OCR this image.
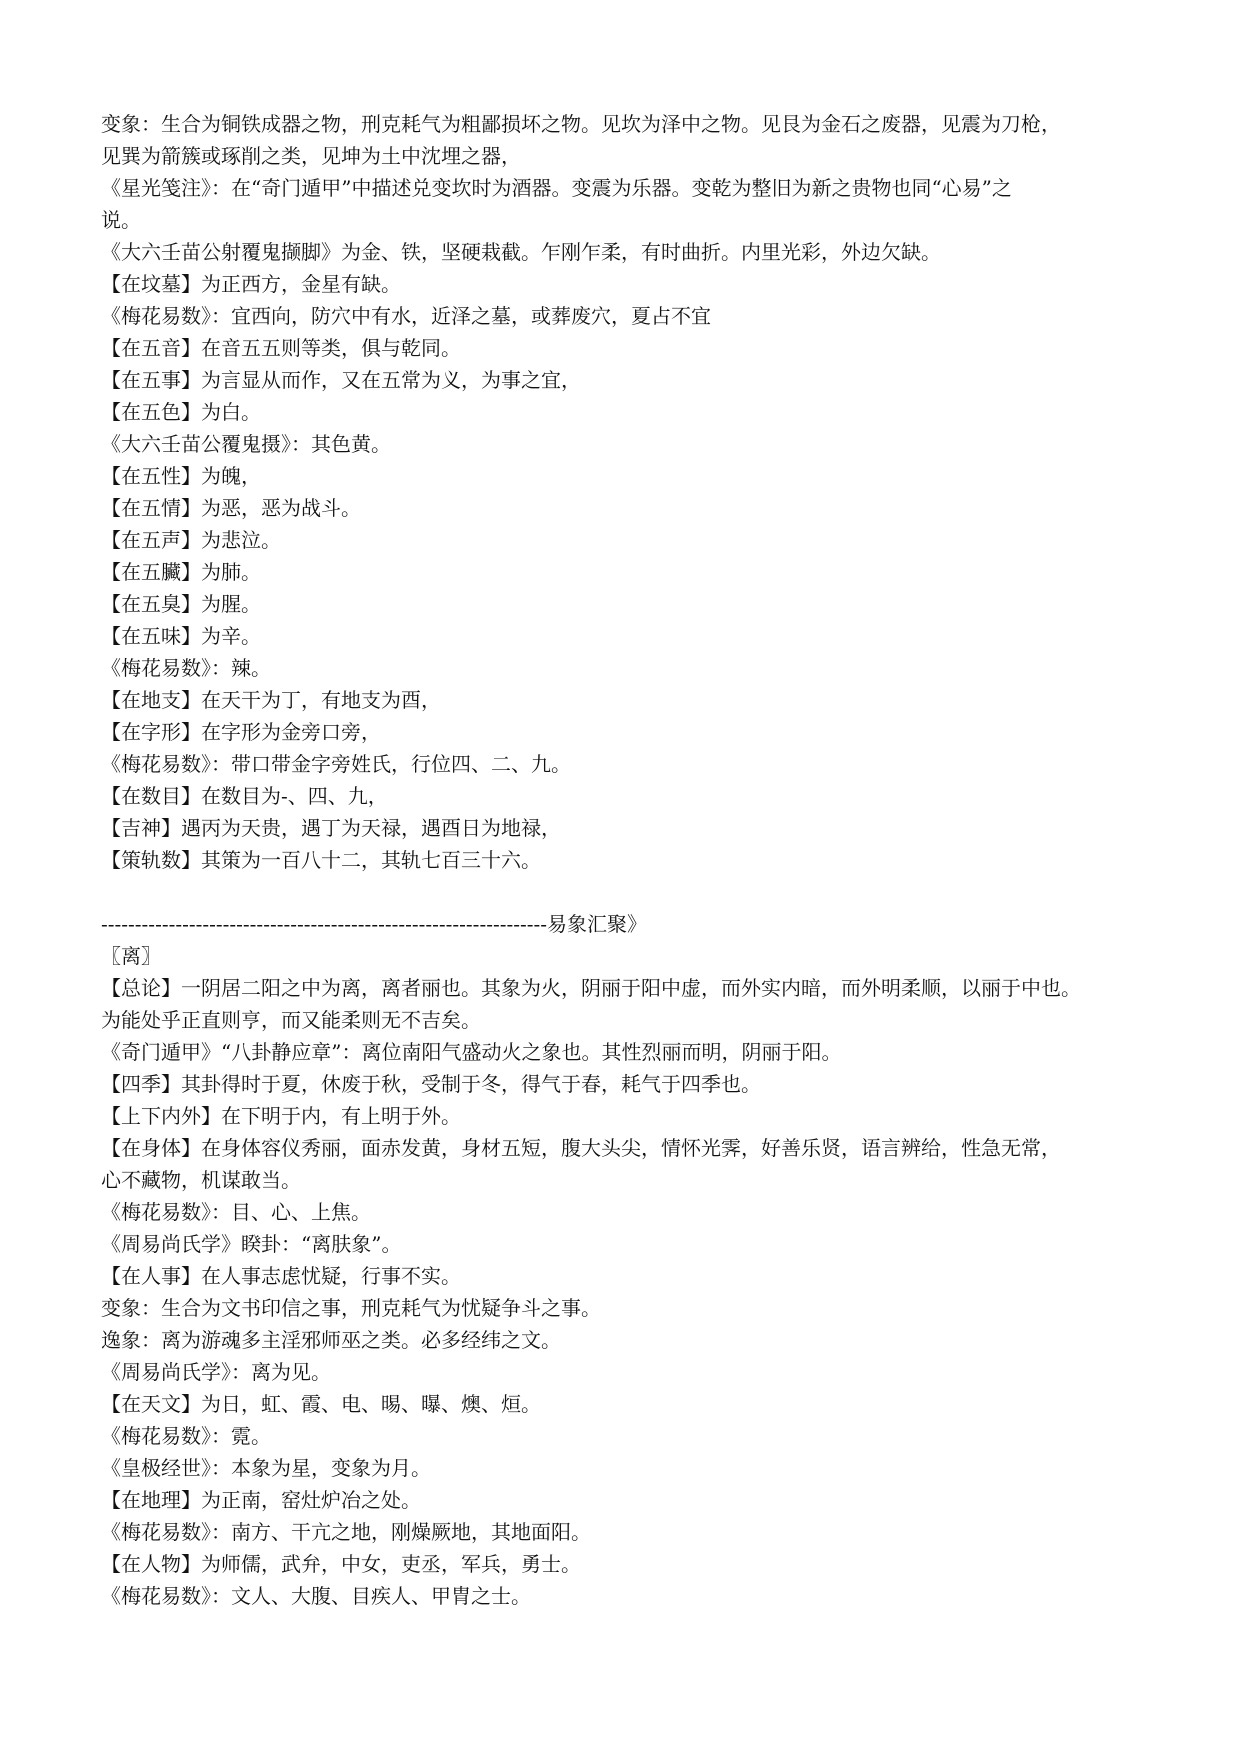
变象：生合为铜铁成器之物，刑克耗气为粗鄙损坏之物。见坎为泽中之物。见艮为金石之废器，见震为刀枪，
见巽为箭簇或琢削之类，见坤为土中沈埋之器，
《星光笺注》：在“奇门遁甲”中描述兑变坎时为酒器。变震为乐器。变乾为整旧为新之贵物也同“心易”之
说。
《大六壬苗公射覆鬼撷脚》为金、铁，坚硬栽截。乍刚乍柔，有时曲折。内里光彩，外边欠缺。
【在坟墓】为正西方，金星有缺。
《梅花易数》：宜西向，防穴中有水，近泽之墓，或葬废穴，夏占不宜
【在五音】在音五五则等类，俱与乾同。
【在五事】为言显从而作，又在五常为义，为事之宜，
【在五色】为白。
《大六壬苗公覆鬼摄》：其色黄。
【在五性】为魄，
【在五情】为恶，恶为战斗。
【在五声】为悲泣。
【在五臟】为肺。
【在五臭】为腥。
【在五味】为辛。
《梅花易数》：辣。
【在地支】在天干为丁，有地支为酉，
【在字形】在字形为金旁口旁，
《梅花易数》：带口带金字旁姓氏，行位四、二、九。
【在数目】在数目为-、四、九，
【吉神】遇丙为天贵，遇丁为天禄，遇酉日为地禄，
【策轨数】其策为一百八十二，其轨七百三十六。
------------------------------------------------------------------易象汇聚》
〖离〗
【总论】一阴居二阳之中为离，离者丽也。其象为火，阴丽于阳中虚，而外实内暗，而外明柔顺，以丽于中也。
为能处乎正直则亨，而又能柔则无不吉矣。
《奇门遁甲》“八卦静应章”：离位南阳气盛动火之象也。其性烈丽而明，阴丽于阳。
【四季】其卦得时于夏，休废于秋，受制于冬，得气于春，耗气于四季也。
【上下内外】在下明于内，有上明于外。
【在身体】在身体容仪秀丽，面赤发黄，身材五短，腹大头尖，情怀光霁，好善乐贤，语言辨给，性急无常，
心不藏物，机谋敢当。
《梅花易数》：目、心、上焦。
《周易尚氏学》睽卦：“离肤象”。
【在人事】在人事志虑忧疑，行事不实。
变象：生合为文书印信之事，刑克耗气为忧疑争斗之事。
逸象：离为游魂多主淫邪师巫之类。必多经纬之文。
《周易尚氏学》：离为见。
【在天文】为日，虹、霞、电、晹、曝、燠、烜。
《梅花易数》：霓。
《皇极经世》：本象为星，变象为月。
【在地理】为正南，窑灶炉冶之处。
《梅花易数》：南方、干亢之地，刚燥厥地，其地面阳。
【在人物】为师儒，武弁，中女，吏丞，军兵，勇士。
《梅花易数》：文人、大腹、目疾人、甲胄之士。
